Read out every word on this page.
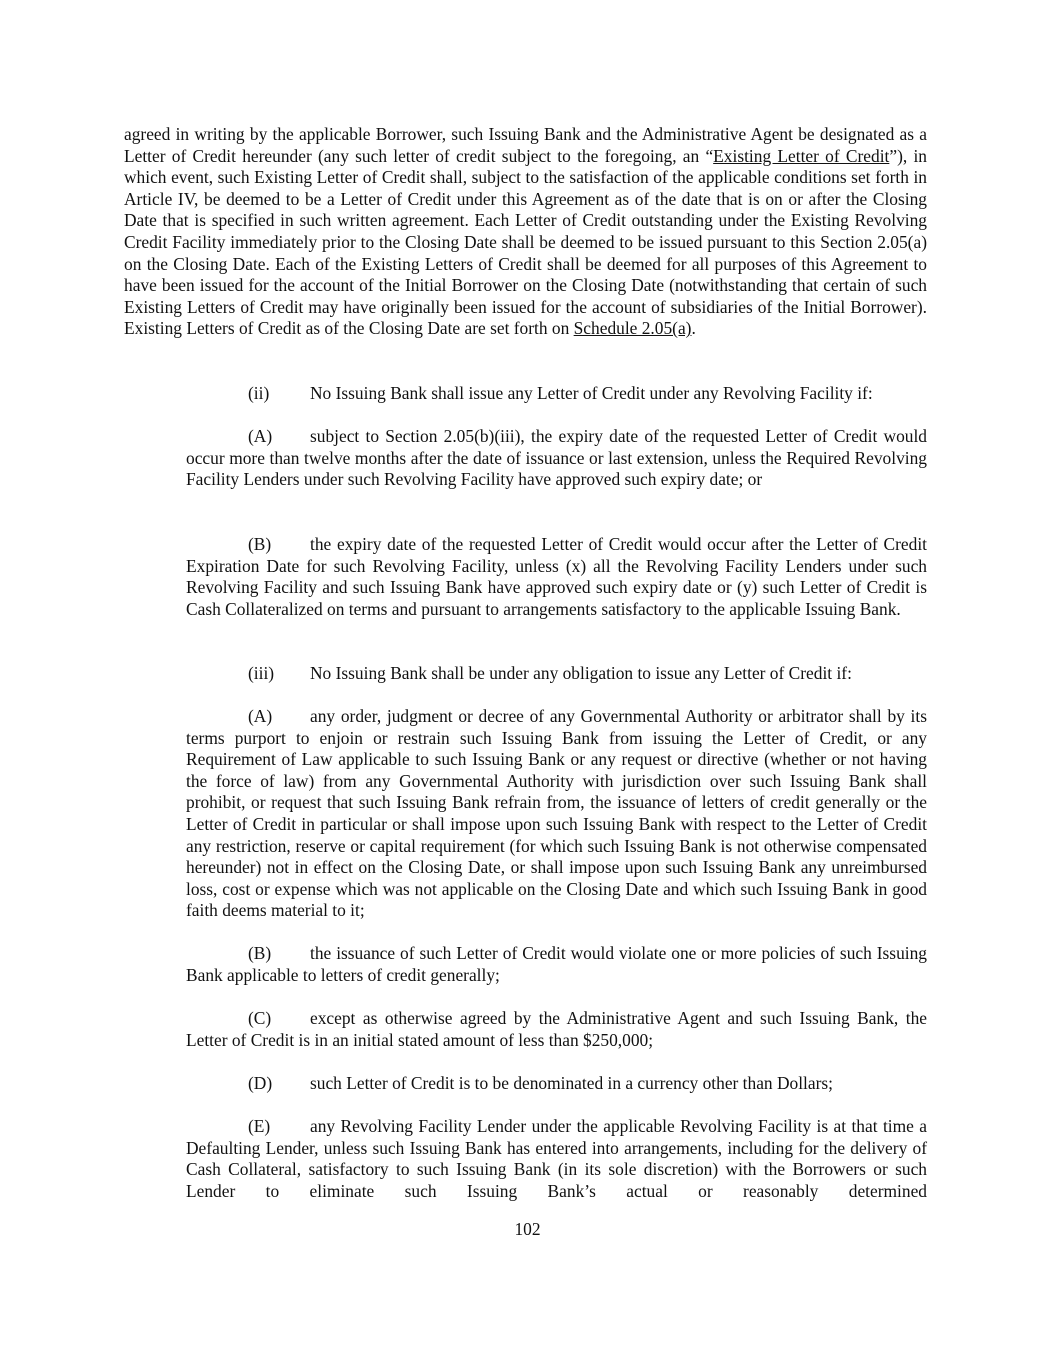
agreed in writing by the applicable Borrower, such Issuing Bank and the Administrative Agent be designated as a Letter of Credit hereunder (any such letter of credit subject to the foregoing, an “Existing Letter of Credit”), in which event, such Existing Letter of Credit shall, subject to the satisfaction of the applicable conditions set forth in Article IV, be deemed to be a Letter of Credit under this Agreement as of the date that is on or after the Closing Date that is specified in such written agreement. Each Letter of Credit outstanding under the Existing Revolving Credit Facility immediately prior to the Closing Date shall be deemed to be issued pursuant to this Section 2.05(a) on the Closing Date. Each of the Existing Letters of Credit shall be deemed for all purposes of this Agreement to have been issued for the account of the Initial Borrower on the Closing Date (notwithstanding that certain of such Existing Letters of Credit may have originally been issued for the account of subsidiaries of the Initial Borrower). Existing Letters of Credit as of the Closing Date are set forth on Schedule 2.05(a).

(ii) No Issuing Bank shall issue any Letter of Credit under any Revolving Facility if:

(A) subject to Section 2.05(b)(iii), the expiry date of the requested Letter of Credit would occur more than twelve months after the date of issuance or last extension, unless the Required Revolving Facility Lenders under such Revolving Facility have approved such expiry date; or

(B) the expiry date of the requested Letter of Credit would occur after the Letter of Credit Expiration Date for such Revolving Facility, unless (x) all the Revolving Facility Lenders under such Revolving Facility and such Issuing Bank have approved such expiry date or (y) such Letter of Credit is Cash Collateralized on terms and pursuant to arrangements satisfactory to the applicable Issuing Bank.

(iii) No Issuing Bank shall be under any obligation to issue any Letter of Credit if:

(A) any order, judgment or decree of any Governmental Authority or arbitrator shall by its terms purport to enjoin or restrain such Issuing Bank from issuing the Letter of Credit, or any Requirement of Law applicable to such Issuing Bank or any request or directive (whether or not having the force of law) from any Governmental Authority with jurisdiction over such Issuing Bank shall prohibit, or request that such Issuing Bank refrain from, the issuance of letters of credit generally or the Letter of Credit in particular or shall impose upon such Issuing Bank with respect to the Letter of Credit any restriction, reserve or capital requirement (for which such Issuing Bank is not otherwise compensated hereunder) not in effect on the Closing Date, or shall impose upon such Issuing Bank any unreimbursed loss, cost or expense which was not applicable on the Closing Date and which such Issuing Bank in good faith deems material to it;

(B) the issuance of such Letter of Credit would violate one or more policies of such Issuing Bank applicable to letters of credit generally;

(C) except as otherwise agreed by the Administrative Agent and such Issuing Bank, the Letter of Credit is in an initial stated amount of less than $250,000;

(D) such Letter of Credit is to be denominated in a currency other than Dollars;

(E) any Revolving Facility Lender under the applicable Revolving Facility is at that time a Defaulting Lender, unless such Issuing Bank has entered into arrangements, including for the delivery of Cash Collateral, satisfactory to such Issuing Bank (in its sole discretion) with the Borrowers or such Lender to eliminate such Issuing Bank’s actual or reasonably determined

102
